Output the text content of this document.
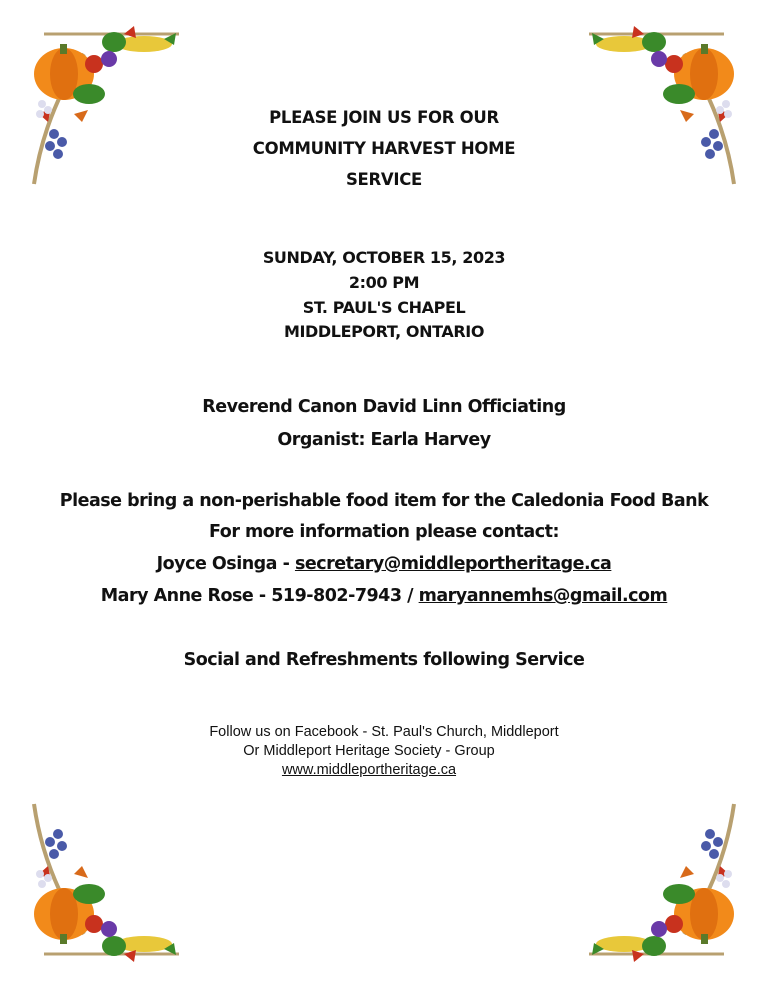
PLEASE JOIN US FOR OUR
COMMUNITY HARVEST HOME
SERVICE
SUNDAY, OCTOBER 15, 2023
2:00 PM
ST. PAUL'S CHAPEL
MIDDLEPORT, ONTARIO
Reverend Canon David Linn Officiating
Organist: Earla Harvey
Please bring a non-perishable food item for the Caledonia Food Bank
For more information please contact:
Joyce Osinga - secretary@middleportheritage.ca
Mary Anne Rose - 519-802-7943 / maryannemhs@gmail.com
Social and Refreshments following Service
Follow us on Facebook - St. Paul's Church, Middleport
Or Middleport Heritage Society - Group
www.middleportheritage.ca
